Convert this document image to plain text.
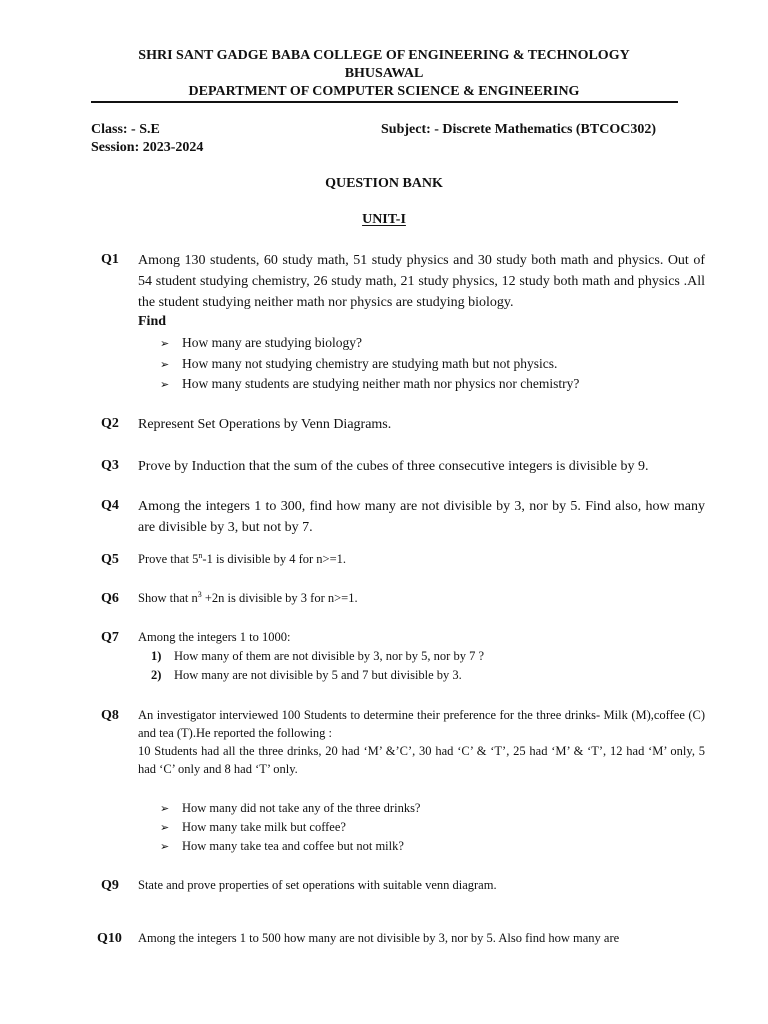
SHRI SANT GADGE BABA COLLEGE OF ENGINEERING & TECHNOLOGY
BHUSAWAL
DEPARTMENT OF COMPUTER SCIENCE & ENGINEERING
Class: - S.E
Session: 2023-2024
Subject: - Discrete Mathematics (BTCOC302)
QUESTION BANK
UNIT-I
Q1 Among 130 students, 60 study math, 51 study physics and 30 study both math and physics. Out of 54 student studying chemistry, 26 study math, 21 study physics, 12 study both math and physics .All the student studying neither math nor physics are studying biology.
Find
➢ How many are studying biology?
➢ How many not studying chemistry are studying math but not physics.
➢ How many students are studying neither math nor physics nor chemistry?
Q2 Represent Set Operations by Venn Diagrams.
Q3 Prove by Induction that the sum of the cubes of three consecutive integers is divisible by 9.
Q4 Among the integers 1 to 300, find how many are not divisible by 3, nor by 5. Find also, how many are divisible by 3, but not by 7.
Q5 Prove that 5$^n$-1 is divisible by 4 for n>=1.
Q6 Show that $n^3 +2n$ is divisible by 3 for n>=1.
Q7 Among the integers 1 to 1000:
1) How many of them are not divisible by 3, nor by 5, nor by 7 ?
2) How many are not divisible by 5 and 7 but divisible by 3.
Q8 An investigator interviewed 100 Students to determine their preference for the three drinks- Milk (M),coffee (C) and tea (T).He reported the following :
10 Students had all the three drinks, 20 had ‘M’ &’C’, 30 had ‘C’ & ‘T’, 25 had ‘M’ & ‘T’, 12 had ‘M’ only, 5 had ‘C’ only and 8 had ‘T’ only.
➢ How many did not take any of the three drinks?
➢ How many take milk but coffee?
➢ How many take tea and coffee but not milk?
Q9 State and prove properties of set operations with suitable venn diagram.
Q10 Among the integers 1 to 500 how many are not divisible by 3, nor by 5. Also find how many are
